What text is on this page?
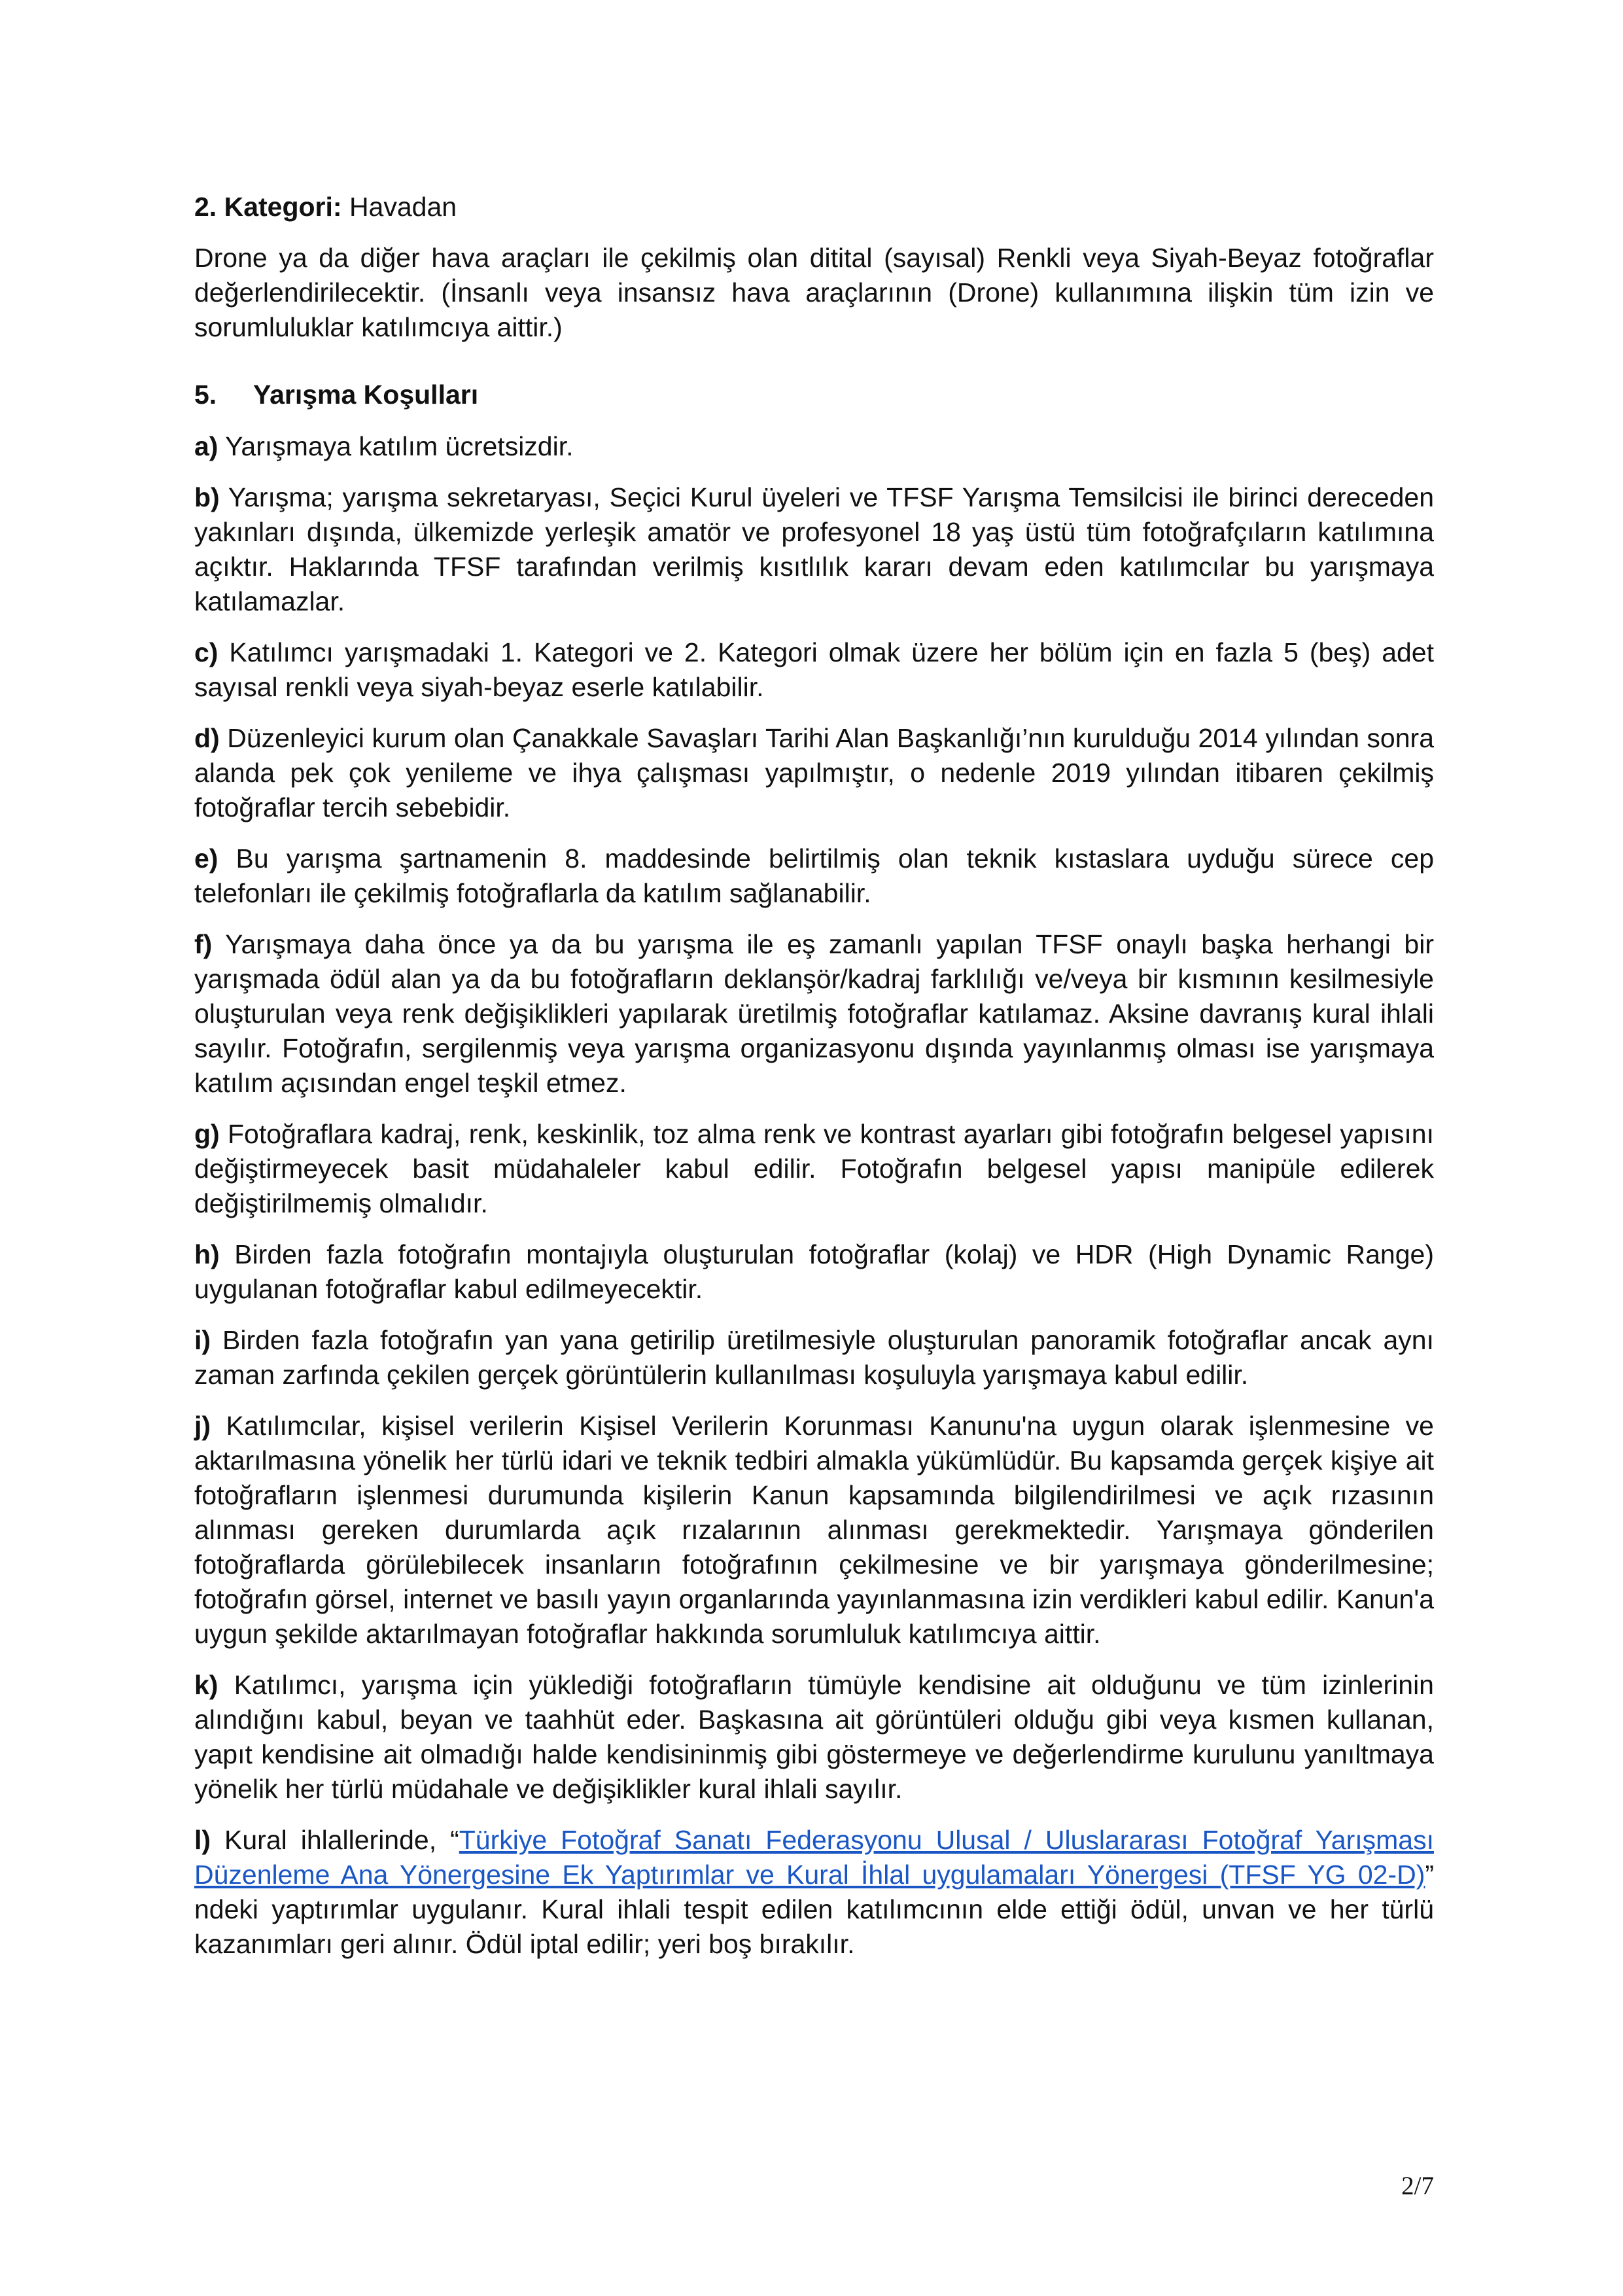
2. Kategori: Havadan

Drone ya da diğer hava araçları ile çekilmiş olan ditital (sayısal) Renkli veya Siyah-Beyaz fotoğraflar değerlendirilecektir. (İnsanlı veya insansız hava araçlarının (Drone) kullanımına ilişkin tüm izin ve sorumluluklar katılımcıya aittir.)

5. Yarışma Koşulları

a) Yarışmaya katılım ücretsizdir.

b) Yarışma; yarışma sekretaryası, Seçici Kurul üyeleri ve TFSF Yarışma Temsilcisi ile birinci dereceden yakınları dışında, ülkemizde yerleşik amatör ve profesyonel 18 yaş üstü tüm fotoğrafçıların katılımına açıktır. Haklarında TFSF tarafından verilmiş kısıtlılık kararı devam eden katılımcılar bu yarışmaya katılamazlar.

c) Katılımcı yarışmadaki 1. Kategori ve 2. Kategori olmak üzere her bölüm için en fazla 5 (beş) adet sayısal renkli veya siyah-beyaz eserle katılabilir.

d) Düzenleyici kurum olan Çanakkale Savaşları Tarihi Alan Başkanlığı’nın kurulduğu 2014 yılından sonra alanda pek çok yenileme ve ihya çalışması yapılmıştır, o nedenle 2019 yılından itibaren çekilmiş fotoğraflar tercih sebebidir.

e) Bu yarışma şartnamenin 8. maddesinde belirtilmiş olan teknik kıstaslara uyduğu sürece cep telefonları ile çekilmiş fotoğraflarla da katılım sağlanabilir.

f) Yarışmaya daha önce ya da bu yarışma ile eş zamanlı yapılan TFSF onaylı başka herhangi bir yarışmada ödül alan ya da bu fotoğrafların deklanşör/kadraj farklılığı ve/veya bir kısmının kesilmesiyle oluşturulan veya renk değişiklikleri yapılarak üretilmiş fotoğraflar katılamaz. Aksine davranış kural ihlali sayılır. Fotoğrafın, sergilenmiş veya yarışma organizasyonu dışında yayınlanmış olması ise yarışmaya katılım açısından engel teşkil etmez.

g) Fotoğraflara kadraj, renk, keskinlik, toz alma renk ve kontrast ayarları gibi fotoğrafın belgesel yapısını değiştirmeyecek basit müdahaleler kabul edilir. Fotoğrafın belgesel yapısı manipüle edilerek değiştirilmemiş olmalıdır.

h) Birden fazla fotoğrafın montajıyla oluşturulan fotoğraflar (kolaj) ve HDR (High Dynamic Range) uygulanan fotoğraflar kabul edilmeyecektir.

i) Birden fazla fotoğrafın yan yana getirilip üretilmesiyle oluşturulan panoramik fotoğraflar ancak aynı zaman zarfında çekilen gerçek görüntülerin kullanılması koşuluyla yarışmaya kabul edilir.

j) Katılımcılar, kişisel verilerin Kişisel Verilerin Korunması Kanunu'na uygun olarak işlenmesine ve aktarılmasına yönelik her türlü idari ve teknik tedbiri almakla yükümlüdür. Bu kapsamda gerçek kişiye ait fotoğrafların işlenmesi durumunda kişilerin Kanun kapsamında bilgilendirilmesi ve açık rızasının alınması gereken durumlarda açık rızalarının alınması gerekmektedir. Yarışmaya gönderilen fotoğraflarda görülebilecek insanların fotoğrafının çekilmesine ve bir yarışmaya gönderilmesine; fotoğrafın görsel, internet ve basılı yayın organlarında yayınlanmasına izin verdikleri kabul edilir. Kanun'a uygun şekilde aktarılmayan fotoğraflar hakkında sorumluluk katılımcıya aittir.

k) Katılımcı, yarışma için yüklediği fotoğrafların tümüyle kendisine ait olduğunu ve tüm izinlerinin alındığını kabul, beyan ve taahhüt eder. Başkasına ait görüntüleri olduğu gibi veya kısmen kullanan, yapıt kendisine ait olmadığı halde kendisininmiş gibi göstermeye ve değerlendirme kurulunu yanıltmaya yönelik her türlü müdahale ve değişiklikler kural ihlali sayılır.

l) Kural ihlallerinde, “Türkiye Fotoğraf Sanatı Federasyonu Ulusal / Uluslararası Fotoğraf Yarışması Düzenleme Ana Yönergesine Ek Yaptırımlar ve Kural İhlal uygulamaları Yönergesi (TFSF YG 02-D)” ndeki yaptırımlar uygulanır. Kural ihlali tespit edilen katılımcının elde ettiği ödül, unvan ve her türlü kazanımları geri alınır. Ödül iptal edilir; yeri boş bırakılır.

2/7
